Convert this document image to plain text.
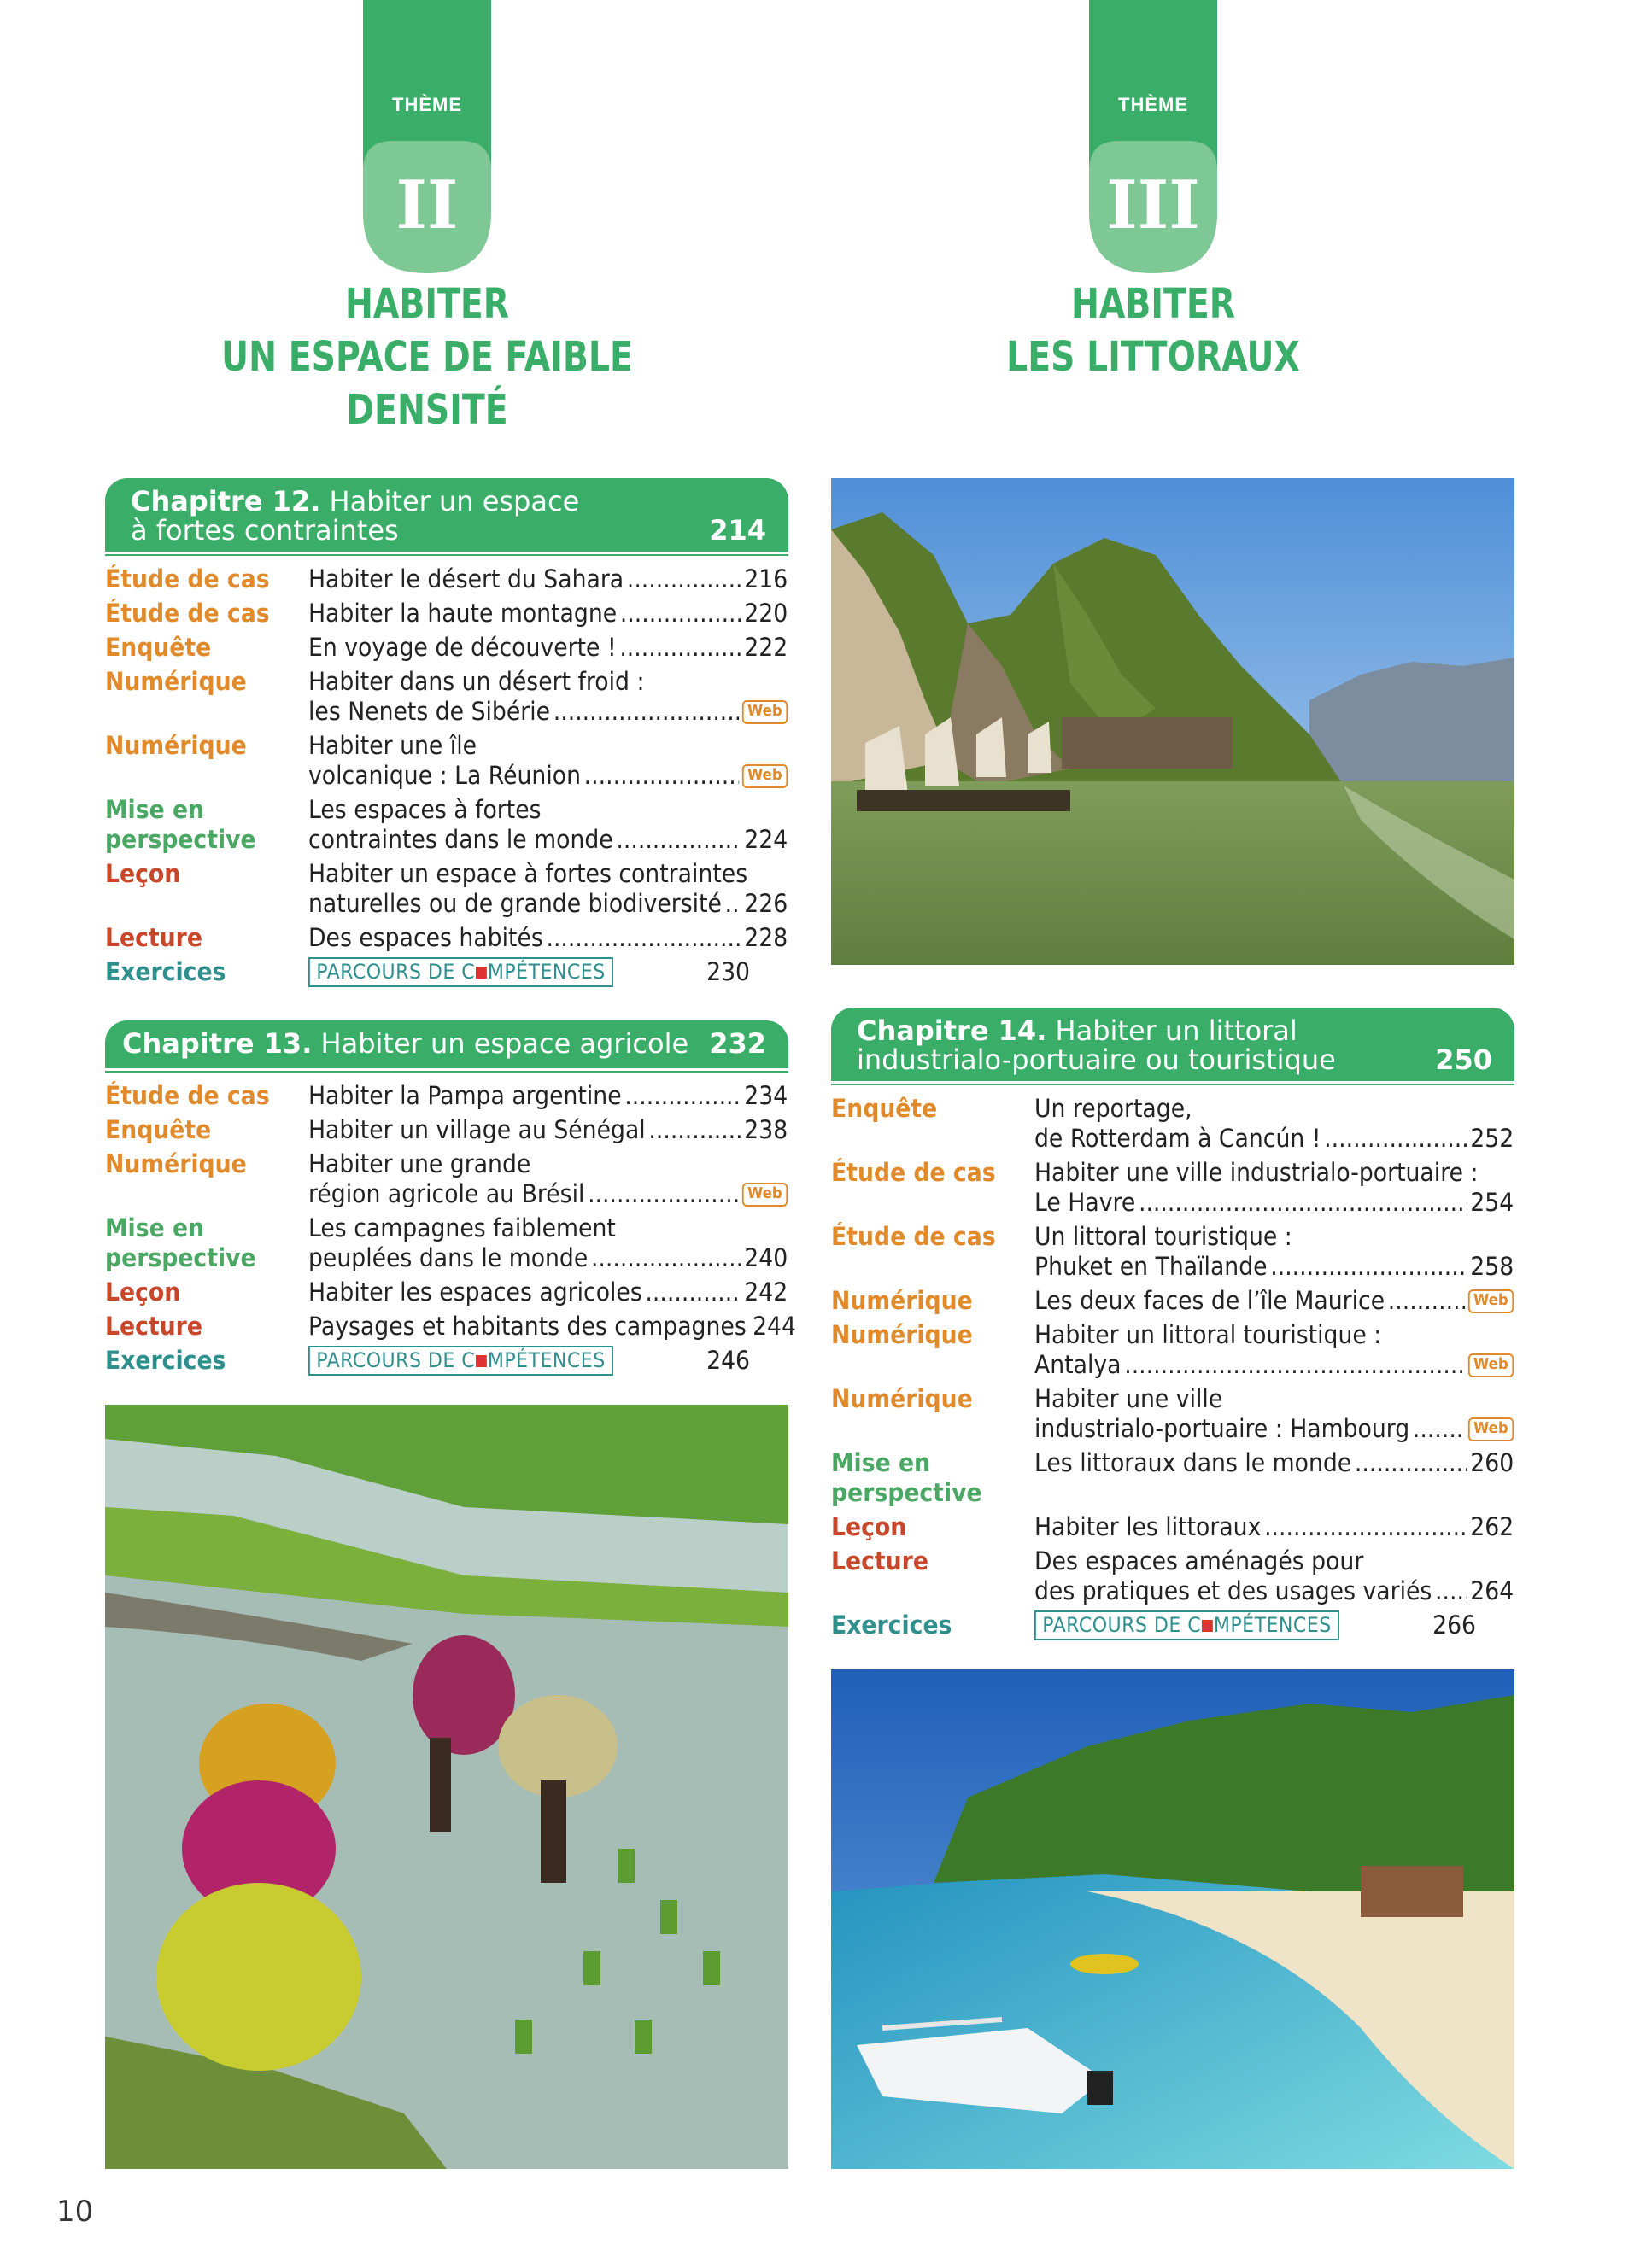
THÈME
II
HABITER
UN ESPACE DE FAIBLE DENSITÉ
THÈME
III
HABITER
LES LITTORAUX
Chapitre 12. Habiter un espace
à fortes contraintes	214
Étude de cas	Habiter le désert du Sahara .....	216
Étude de cas	Habiter la haute montagne .....	220
Enquête	En voyage de découverte ! .....	222
Numérique	Habiter dans un désert froid :
les Nenets de Sibérie .....	Web
Numérique	Habiter une île
volcanique : La Réunion .....	Web
Mise en
perspective
Les espaces à fortes
contraintes dans le monde .....	224
Leçon	Habiter un espace à fortes contraintes
naturelles ou de grande biodiversité ..... 226
Lecture	Des espaces habités .....	228
Exercices	PARCOURS DE C MPÉTENCES	230
Chapitre 13. Habiter un espace agricole 232
Étude de cas	Habiter la Pampa argentine .....	234
Enquête	Habiter un village au Sénégal .....	238
Numérique	Habiter une grande
région agricole au Brésil .....	Web
Mise en
perspective
Les campagnes faiblement
peuplées dans le monde .....	240
Leçon	Habiter les espaces agricoles .....	242
Lecture	Paysages et habitants des campagnes 244
Exercices	PARCOURS DE C MPÉTENCES	246
Chapitre 14. Habiter un littoral
industrialo-portuaire ou touristique	250
Enquête	Un reportage,
de Rotterdam à Cancún ! .....	252
Étude de cas	Habiter une ville industrialo-portuaire :
Le Havre .....	254
Étude de cas	Un littoral touristique :
Phuket en Thaïlande .....	258
Numérique	Les deux faces de l’île Maurice .....	Web
Numérique	Habiter un littoral touristique :
Antalya .....	Web
Numérique	Habiter une ville
industrialo-portuaire : Hambourg .....	Web
Mise en
perspective
Les littoraux dans le monde .....	260
Leçon	Habiter les littoraux .....	262
Lecture	Des espaces aménagés pour
des pratiques et des usages variés ..... 264
Exercices	PARCOURS DE C MPÉTENCES	266
10
